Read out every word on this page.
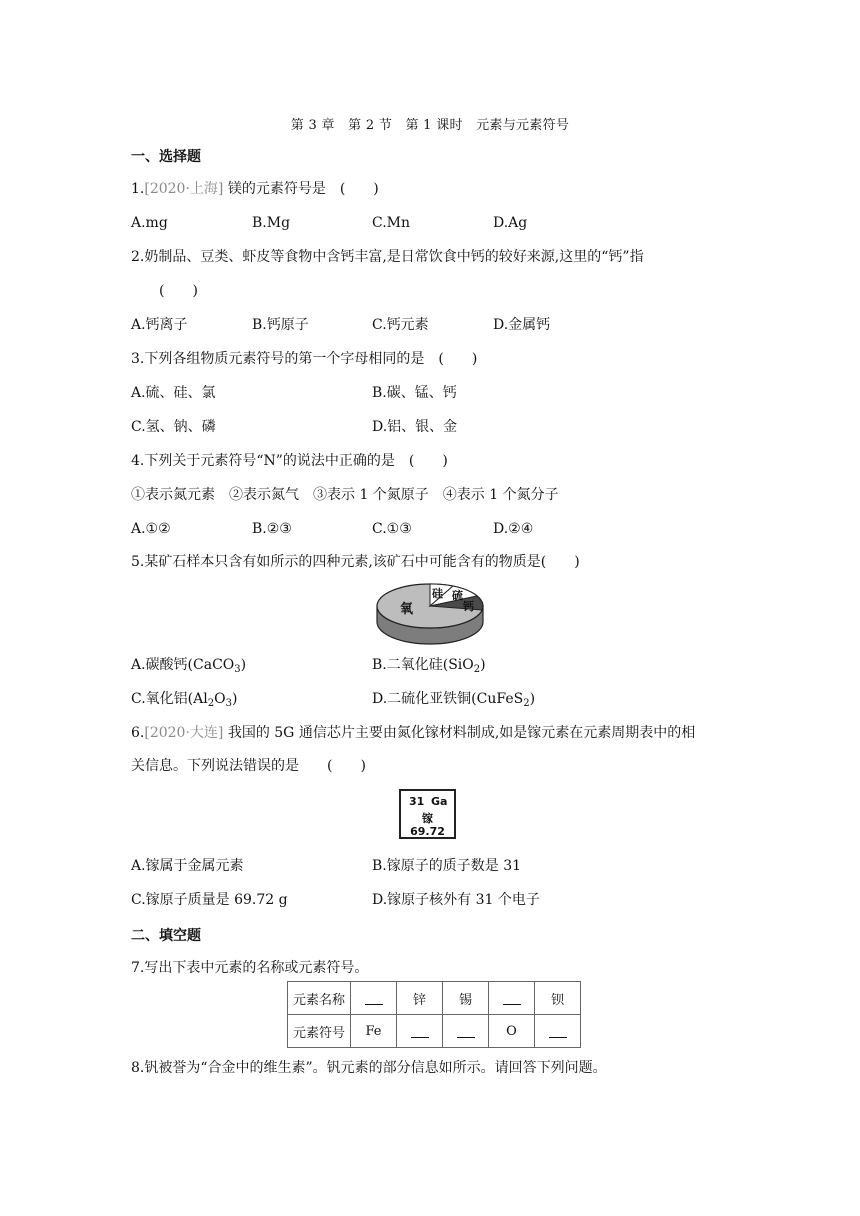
第 3 章　第 2 节　第 1 课时　元素与元素符号
一、选择题
1.[2020·上海] 镁的元素符号是　(　　)
A.mg	B.Mg	C.Mn	D.Ag
2.奶制品、豆类、虾皮等食物中含钙丰富,是日常饮食中钙的较好来源,这里的“钙”指
(　　)
A.钙离子	B.钙原子	C.钙元素	D.金属钙
3.下列各组物质元素符号的第一个字母相同的是　(　　)
A.硫、硅、氯	B.碳、锰、钙
C.氢、钠、磷	D.铝、银、金
4.下列关于元素符号“N”的说法中正确的是　(　　)
①表示氮元素　②表示氮气　③表示 1 个氮原子　④表示 1 个氮分子
A.①②	B.②③	C.①③	D.②④
5.某矿石样本只含有如所示的四种元素,该矿石中可能含有的物质是(　　)
氧
硅 硫
钙
A.碳酸钙(CaCO$_3$)	B.二氧化硅(SiO$_2$)
C.氧化铝$(Al_2O_3)$	D.二硫化亚铁铜(CuFeS$_2$)
6.[2020·大连] 我国的 5G 通信芯片主要由氮化镓材料制成,如是镓元素在元素周期表中的相
关信息。下列说法错误的是　　(　　)
31 Ga
镓
69.72
A.镓属于金属元素	B.镓原子的质子数是 31
C.镓原子质量是 69.72 g	D.镓原子核外有 31 个电子
二、填空题
7.写出下表中元素的名称或元素符号。
元素名称		锌	锡		钡
元素符号	Fe			O	
8.钒被誉为“合金中的维生素”。钒元素的部分信息如所示。请回答下列问题。
